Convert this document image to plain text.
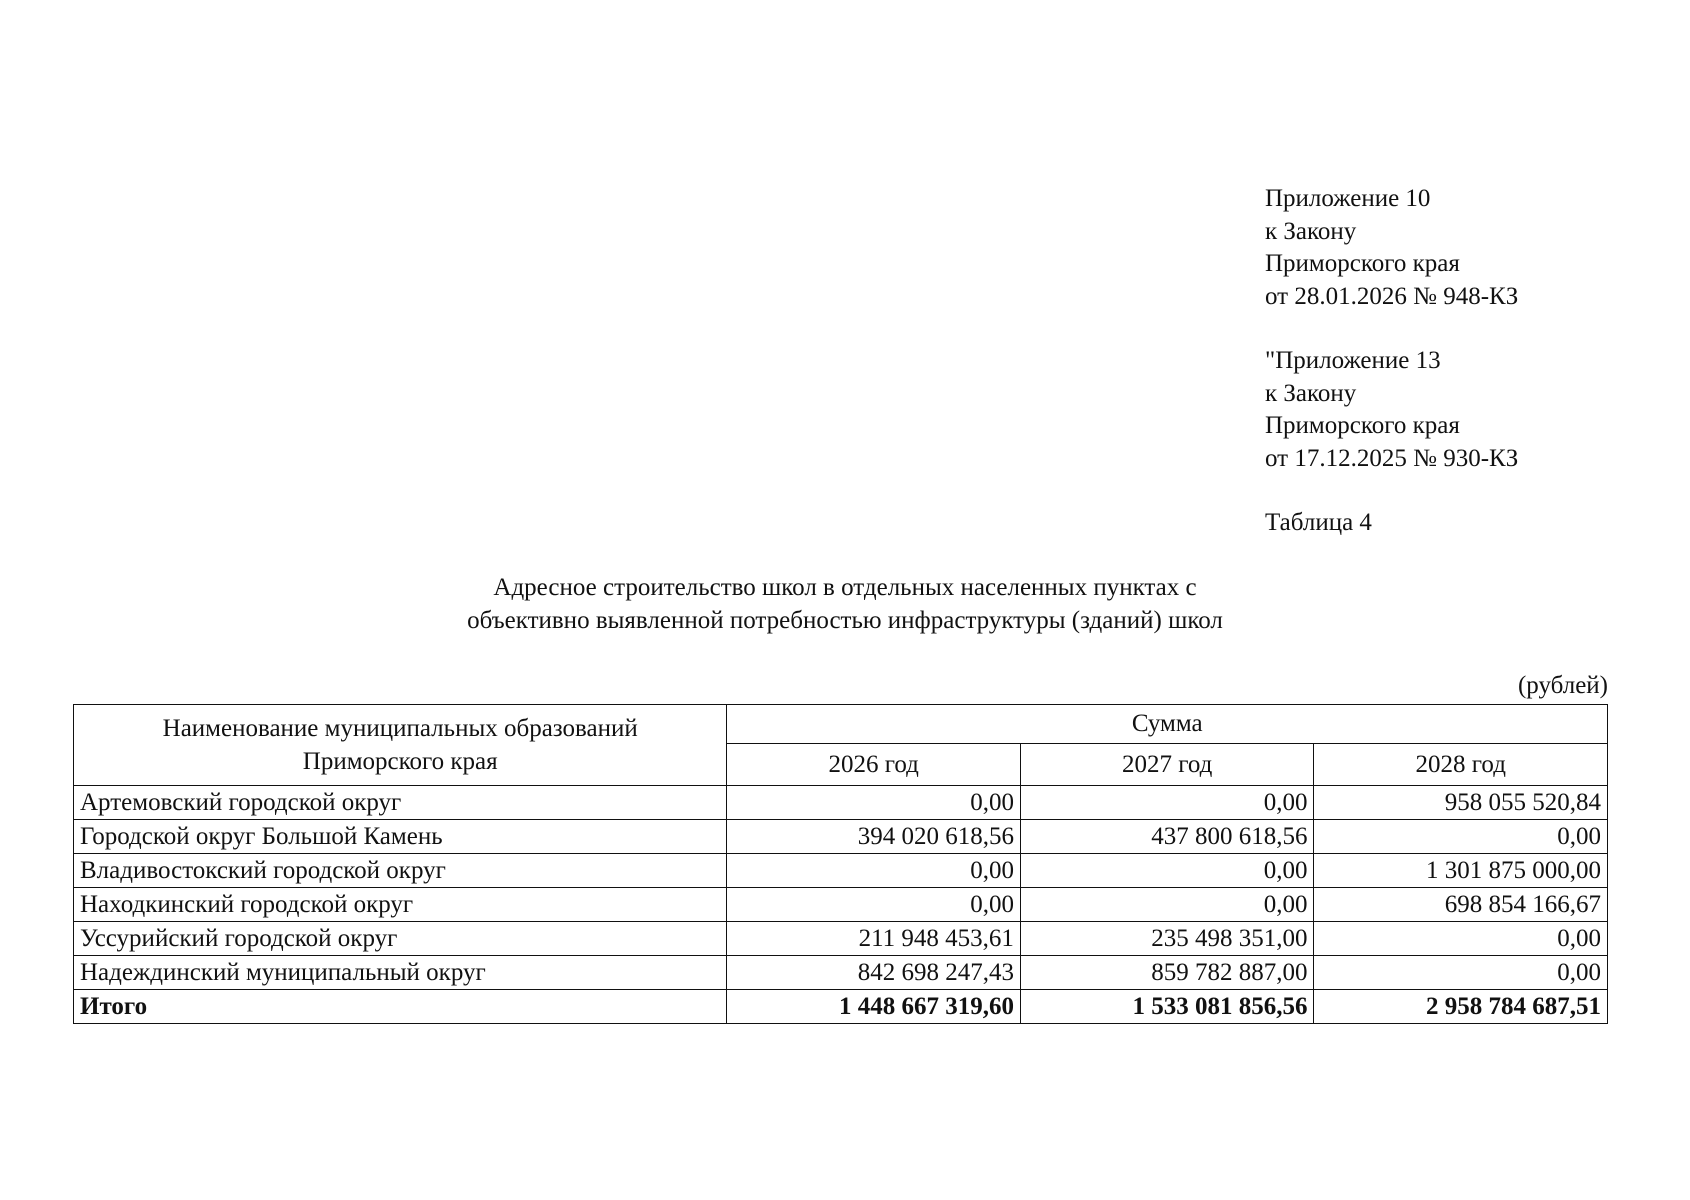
Приложение 10
к Закону
Приморского края
от 28.01.2026 № 948-КЗ
"Приложение 13
к Закону
Приморского края
от 17.12.2025 № 930-КЗ
Таблица 4
Адресное строительство школ в отдельных населенных пунктах с
объективно выявленной потребностью инфраструктуры (зданий) школ
(рублей)
Наименование муниципальных образований
Приморского края	Сумма		
	2026 год	2027 год	2028 год
Артемовский городской округ	0,00	0,00	958 055 520,84
Городской округ Большой Камень	394 020 618,56	437 800 618,56	0,00
Владивостокский городской округ	0,00	0,00	1 301 875 000,00
Находкинский городской округ	0,00	0,00	698 854 166,67
Уссурийский городской округ	211 948 453,61	235 498 351,00	0,00
Надеждинский муниципальный округ	842 698 247,43	859 782 887,00	0,00
Итого	1 448 667 319,60	1 533 081 856,56	2 958 784 687,51
